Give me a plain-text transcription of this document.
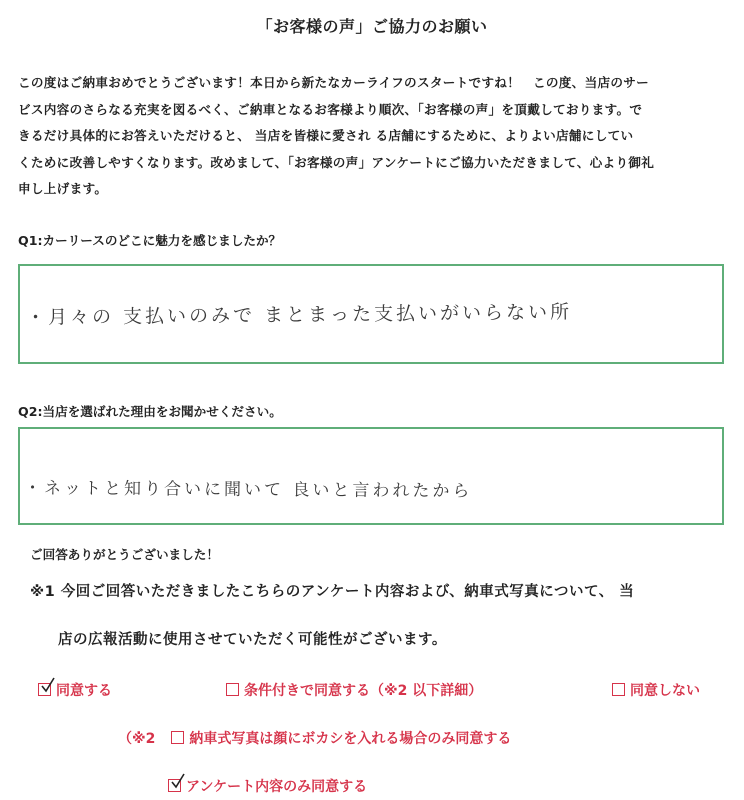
「お客様の声」ご協力のお願い
この度はご納車おめでとうございます！本日から新たなカーライフのスタートですね！　この度、当店のサー
ビス内容のさらなる充実を図るべく、ご納車となるお客様より順次、「お客様の声」を頂戴しております。で
きるだけ具体的にお答えいただけると、 当店を皆様に愛され る店舗にするために、よりよい店舗にしてい
くために改善しやすくなります。改めまして、「お客様の声」アンケートにご協力いただきまして、心より御礼
申し上げます。
Q1:カーリースのどこに魅力を感じましたか？
・月々の 支払いのみで まとまった支払いがいらない所
Q2:当店を選ばれた理由をお聞かせください。
・ネットと知り合いに聞いて 良いと言われたから
ご回答ありがとうございました！
※1 今回ご回答いただきましたこちらのアンケート内容および、納車式写真について、 当
店の広報活動に使用させていただく可能性がございます。
同意する	条件付きで同意する（※2 以下詳細）	同意しない
（※2 納車式写真は顔にボカシを入れる場合のみ同意する
アンケート内容のみ同意する
